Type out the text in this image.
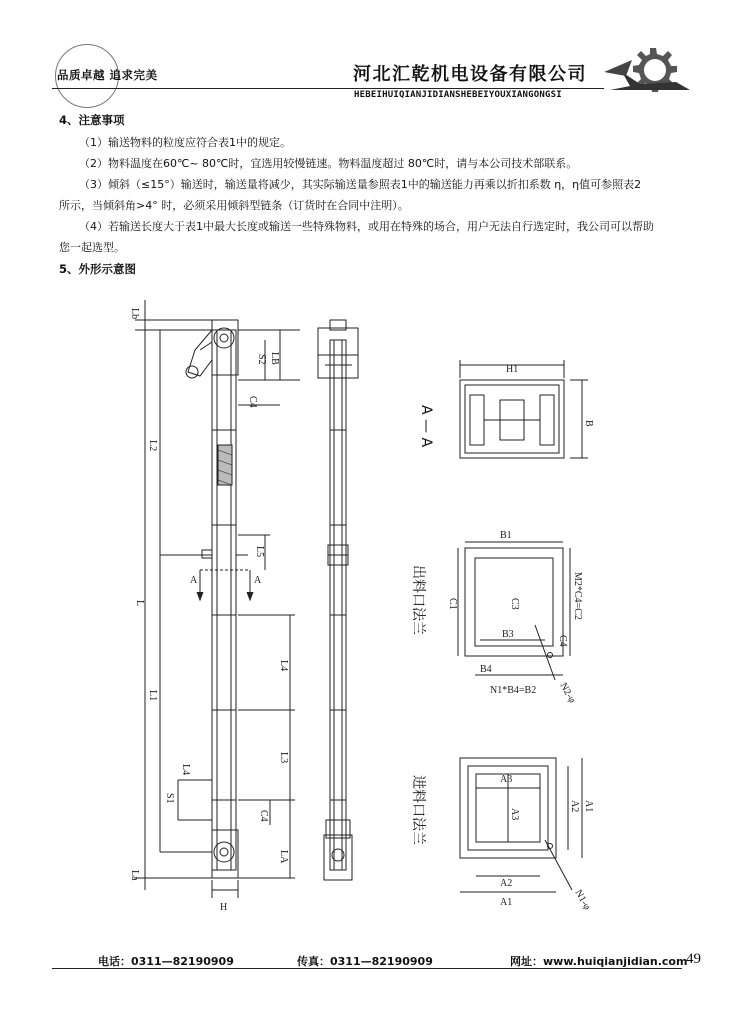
品质卓越 追求完美	河北汇乾机电设备有限公司
HEBEIHUIQIANJIDIANSHEBEIYOUXIANGONGSI
4、注意事项
（1）输送物料的粒度应符合表1中的规定。
（2）物料温度在60℃~ 80℃时，宜选用较慢链速。物料温度超过 80℃时，请与本公司技术部联系。
（3）倾斜（≤15°）输送时，输送量将减少，其实际输送量参照表1中的输送能力再乘以折扣系数 η，η值可参照表2
所示，当倾斜角>4° 时，必须采用倾斜型链条（订货时在合同中注明）。
（4）若输送长度大于表1中最大长度或输送一些特殊物料，或用在特殊的场合，用户无法自行选定时，我公司可以帮助
您一起选型。
5、外形示意图
Lb
L2
L
L1
La
S2 LB
C4
L5
L4
L3
C4
LA
S1
L4
H
A	A
H1
B
A — A
B1
C1	C3
B3
B4
N1*B4=B2
M2*C4=C2
C4
N2-φ
出料口法兰
A3
A3
A2 A1
A2
A1	N1-φ
进料口法兰
电话：0311—82190909	传真：0311—82190909	网址：www.huiqianjidian.com
49
